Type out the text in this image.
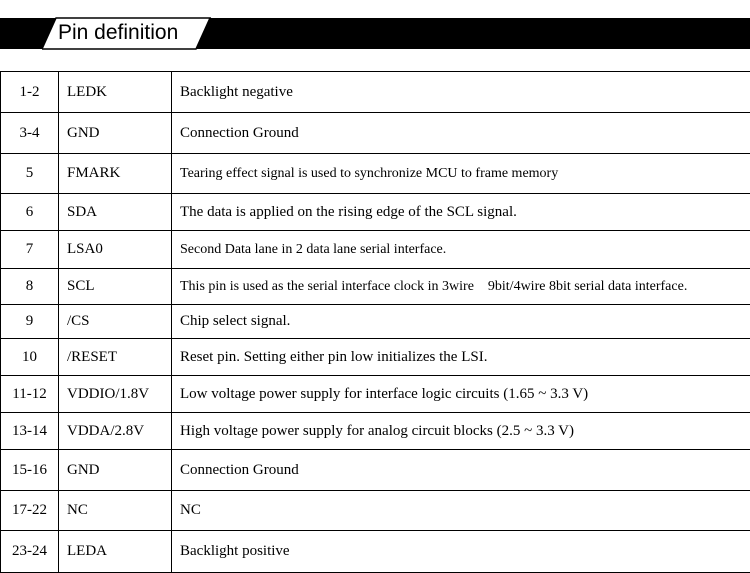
Pin definition
1-2	LEDK	Backlight negative
3-4	GND	Connection Ground
5	FMARK	Tearing effect signal is used to synchronize MCU to frame memory
6	SDA	The data is applied on the rising edge of the SCL signal.
7	LSA0	Second Data lane in 2 data lane serial interface.
8	SCL	This pin is used as the serial interface clock in 3wire    9bit/4wire 8bit serial data interface.
9	/CS	Chip select signal.
10	/RESET	Reset pin. Setting either pin low initializes the LSI.
11-12	VDDIO/1.8V	Low voltage power supply for interface logic circuits (1.65 ~ 3.3 V)
13-14	VDDA/2.8V	High voltage power supply for analog circuit blocks (2.5 ~ 3.3 V)
15-16	GND	Connection Ground
17-22	NC	NC
23-24	LEDA	Backlight positive
